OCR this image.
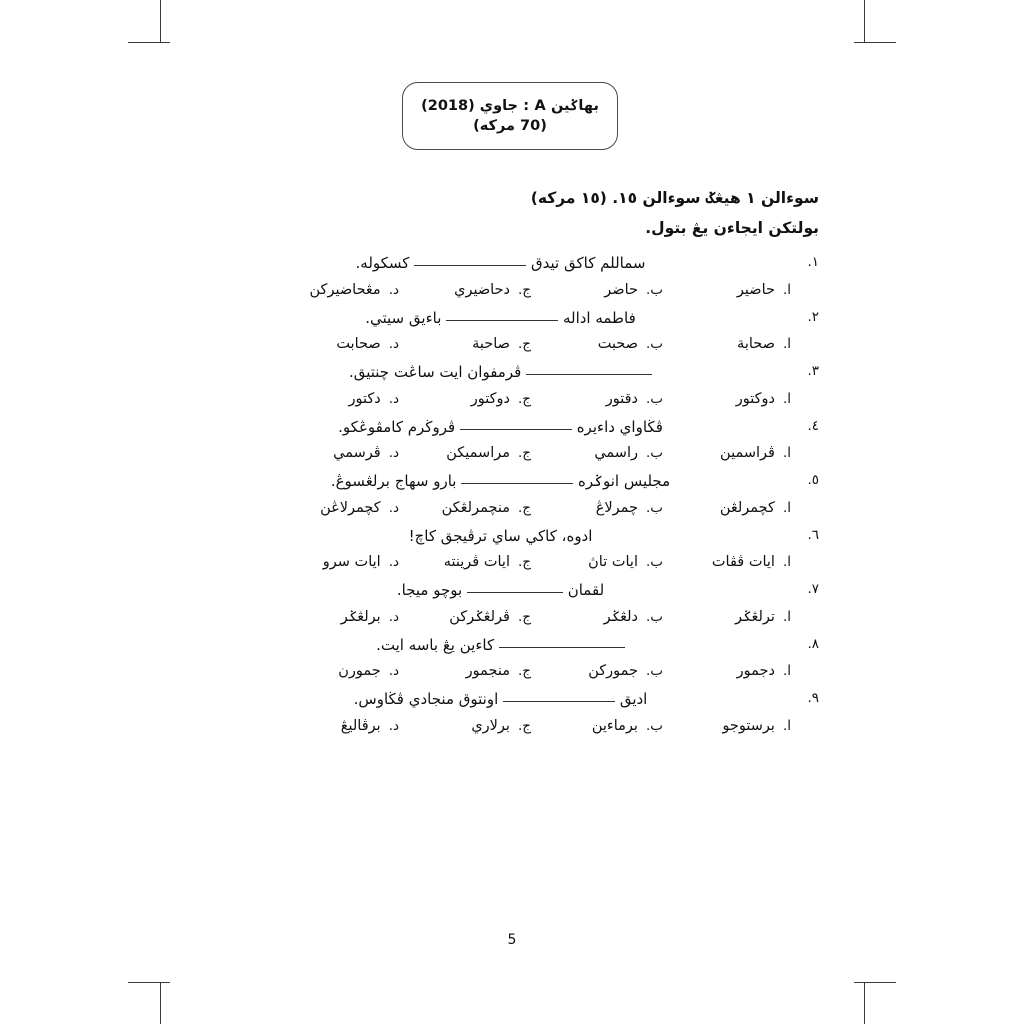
بهاݢين A : جاوي (2018)
(70 مركه)
سوءالن ١ هيڠݢ سوءالن ١٥. (١٥ مركه)
بولتكن ايجاءن يڠ بتول.
١.
سماللم كاكق تيدق  كسكوله.
ا.
حاضير
ب.
حاضر
ج.
دحاضيري
د.
مڠحاضيركن
٢.
فاطمه اداله  باءيق سيتي.
ا.
صحابة
ب.
صحبت
ج.
صاحبة
د.
صحابت
٣.
ڤرمفوان ايت ساڠت چنتيق.
ا.
دوكتور
ب.
دقتور
ج.
دوكتور
د.
دكتور
٤.
ڤڬاواي داءيره  ڤروڬرم كامڤوڠكو.
ا.
ڤراسمين
ب.
راسمي
ج.
مراسميكن
د.
ڤرسمي
٥.
مجليس انوݢره  بارو سهاج برلڠسوڠ.
ا.
كچمرلڠن
ب.
چمرلاڠ
ج.
منچمرلڠكن
د.
كچمرلاڠن
٦.
ادوه، كاكي ساي ترڤيجق كاچ!
ا.
ايات ڤڤات
ب.
ايات تاڽ
ج.
ايات ڤرينته
د.
ايات سرو
٧.
لقمان  بوچو ميجا.
ا.
ترلڠݢر
ب.
دلڠݢر
ج.
ڤرلڠݢركن
د.
برلڠݢر
٨.
كاءين يڠ باسه ايت.
ا.
دجمور
ب.
جموركن
ج.
منجمور
د.
جمورن
٩.
اديق  اونتوق منجادي ڤڬاوس.
ا.
برستوجو
ب.
برماءين
ج.
برلاري
د.
برڤاليڠ
5
